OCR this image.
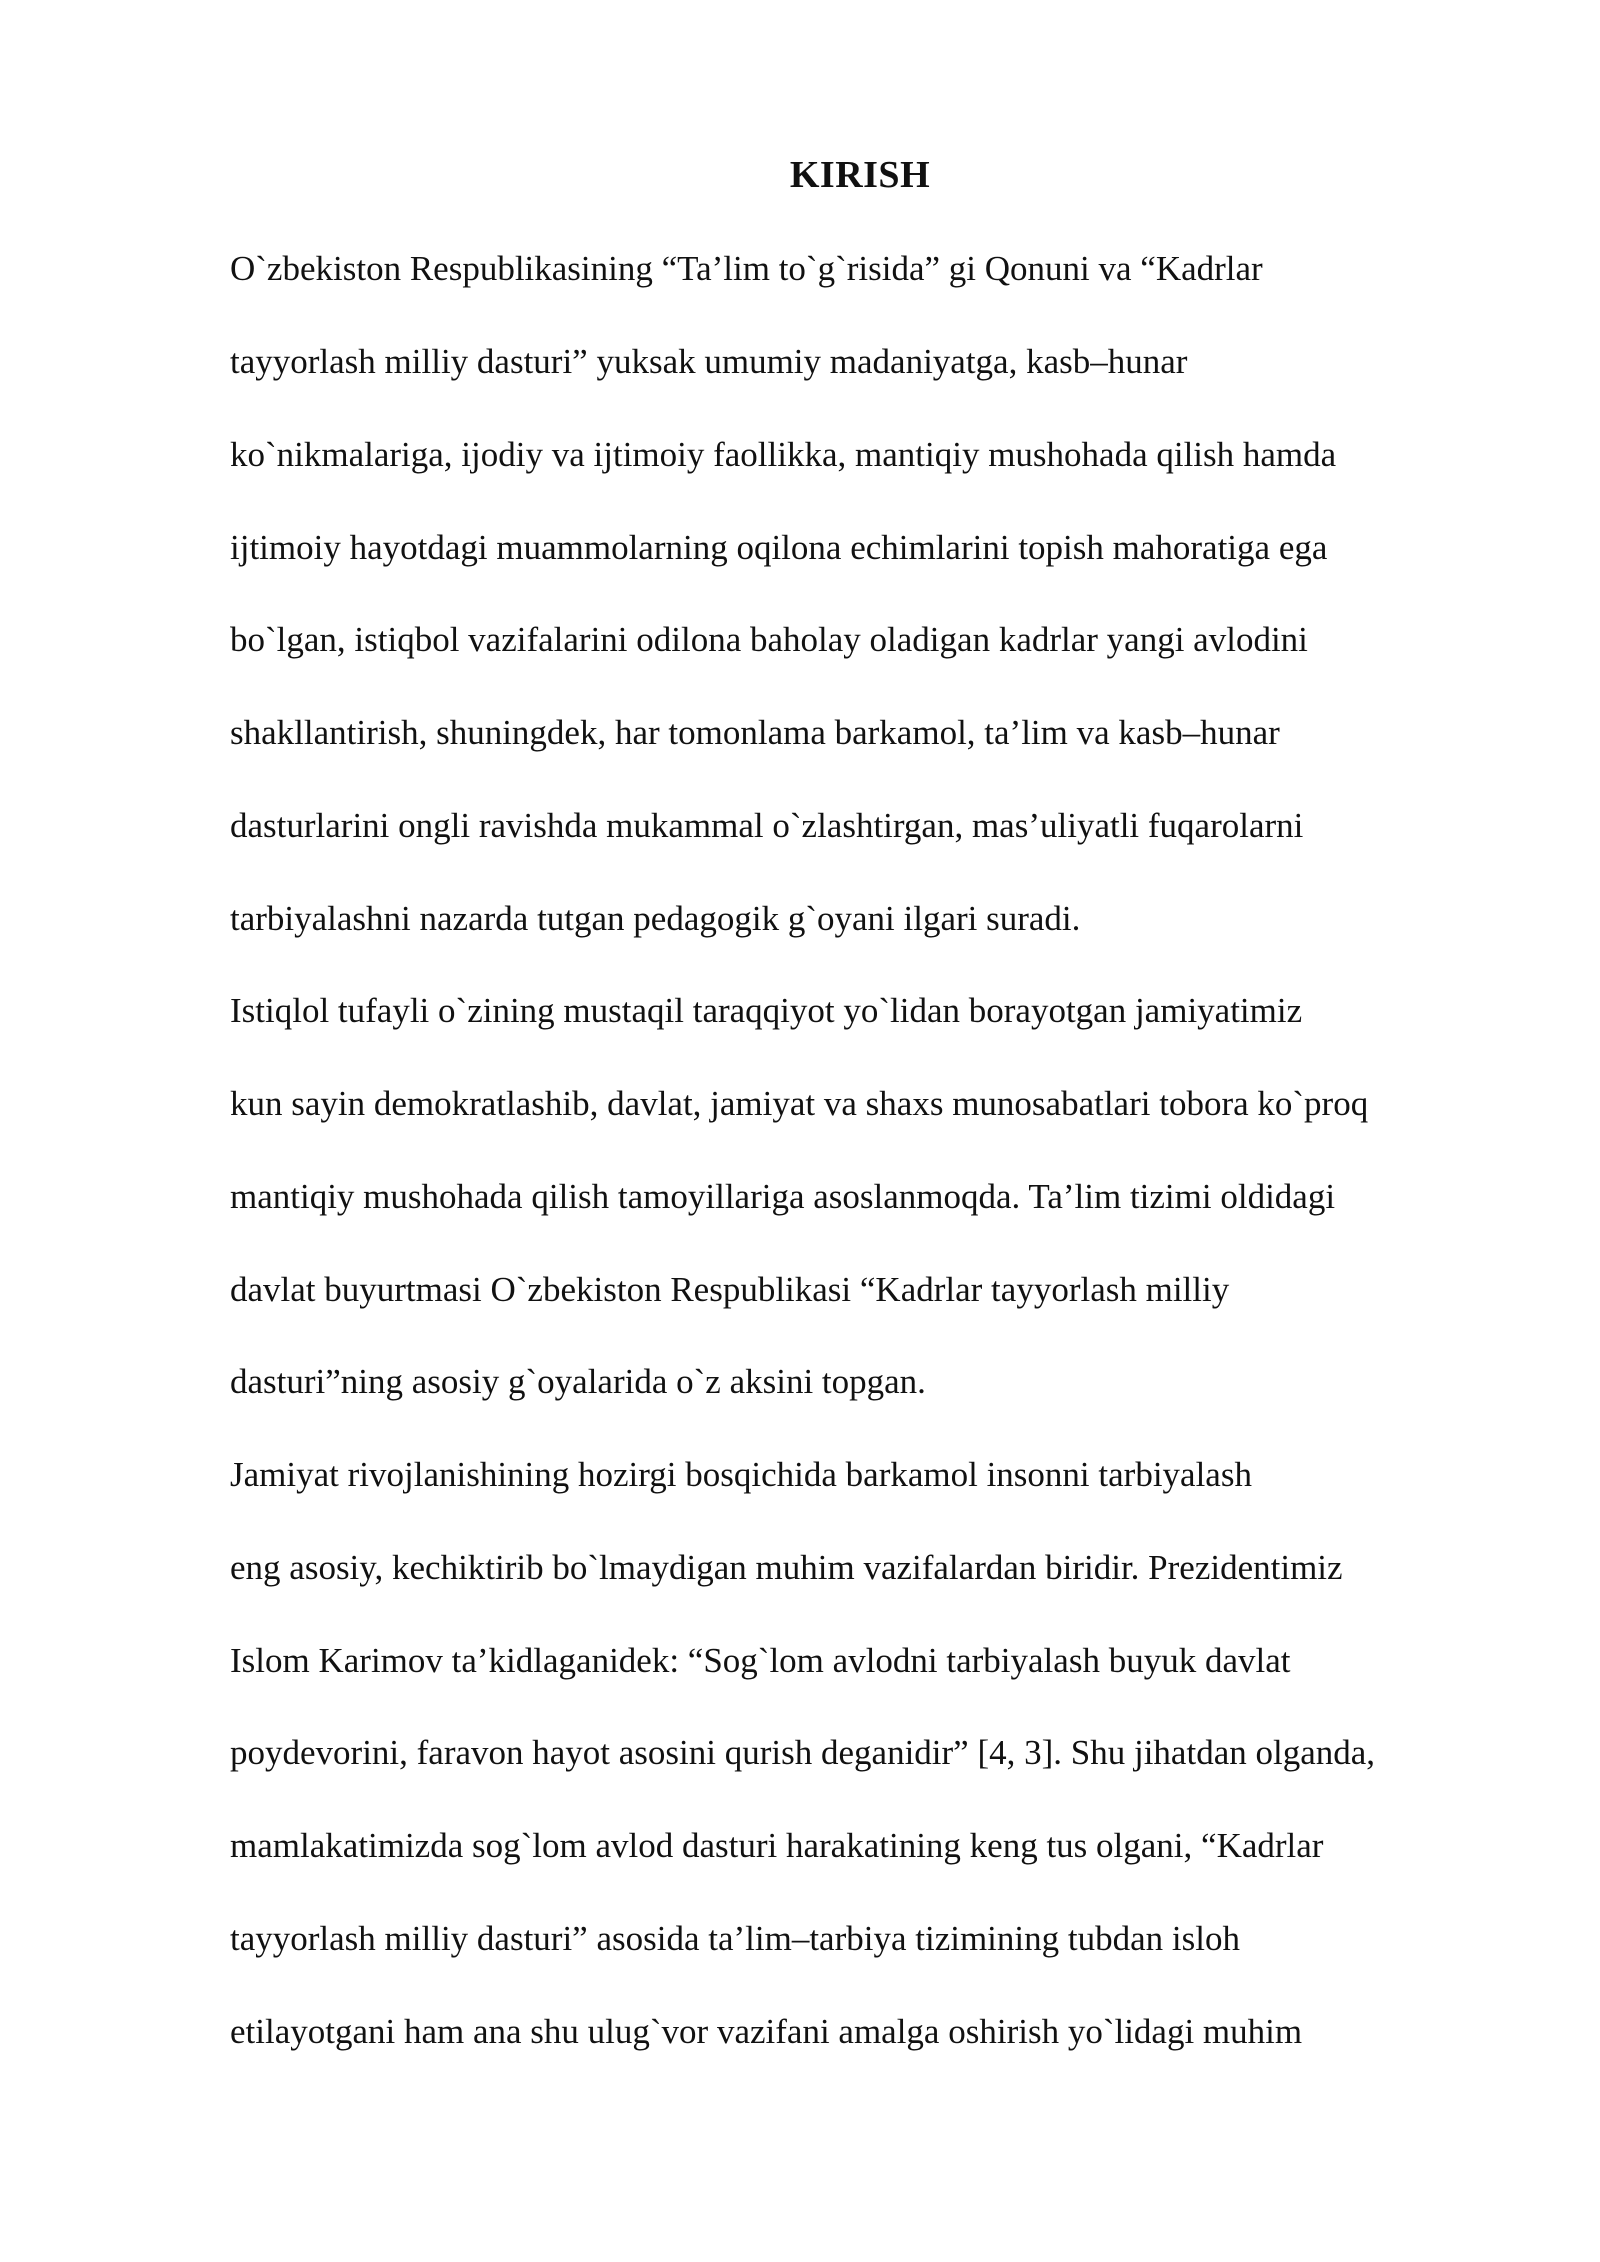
KIRISH
O`zbekiston Respublikasining “Ta’lim to`g`risida” gi Qonuni va “Kadrlar
tayyorlash milliy dasturi” yuksak umumiy madaniyatga, kasb–hunar
ko`nikmalariga, ijodiy va ijtimoiy faollikka, mantiqiy mushohada qilish hamda
ijtimoiy hayotdagi muammolarning oqilona echimlarini topish mahoratiga ega
bo`lgan, istiqbol vazifalarini odilona baholay oladigan kadrlar yangi avlodini
shakllantirish, shuningdek, har tomonlama barkamol, ta’lim va kasb–hunar
dasturlarini ongli ravishda mukammal o`zlashtirgan, mas’uliyatli fuqarolarni
tarbiyalashni nazarda tutgan pedagogik g`oyani ilgari suradi.
Istiqlol tufayli o`zining mustaqil taraqqiyot yo`lidan borayotgan jamiyatimiz
kun sayin demokratlashib, davlat, jamiyat va shaxs munosabatlari tobora ko`proq
mantiqiy mushohada qilish tamoyillariga asoslanmoqda. Ta’lim tizimi oldidagi
davlat buyurtmasi O`zbekiston Respublikasi “Kadrlar tayyorlash milliy
dasturi”ning asosiy g`oyalarida o`z aksini topgan.
Jamiyat rivojlanishining hozirgi bosqichida barkamol insonni tarbiyalash
eng asosiy, kechiktirib bo`lmaydigan muhim vazifalardan biridir. Prezidentimiz
Islom Karimov ta’kidlaganidek: “Sog`lom avlodni tarbiyalash buyuk davlat
poydevorini, faravon hayot asosini qurish deganidir” [4, 3]. Shu jihatdan olganda,
mamlakatimizda sog`lom avlod dasturi harakatining keng tus olgani, “Kadrlar
tayyorlash milliy dasturi” asosida ta’lim–tarbiya tizimining tubdan isloh
etilayotgani ham ana shu ulug`vor vazifani amalga oshirish yo`lidagi muhim
